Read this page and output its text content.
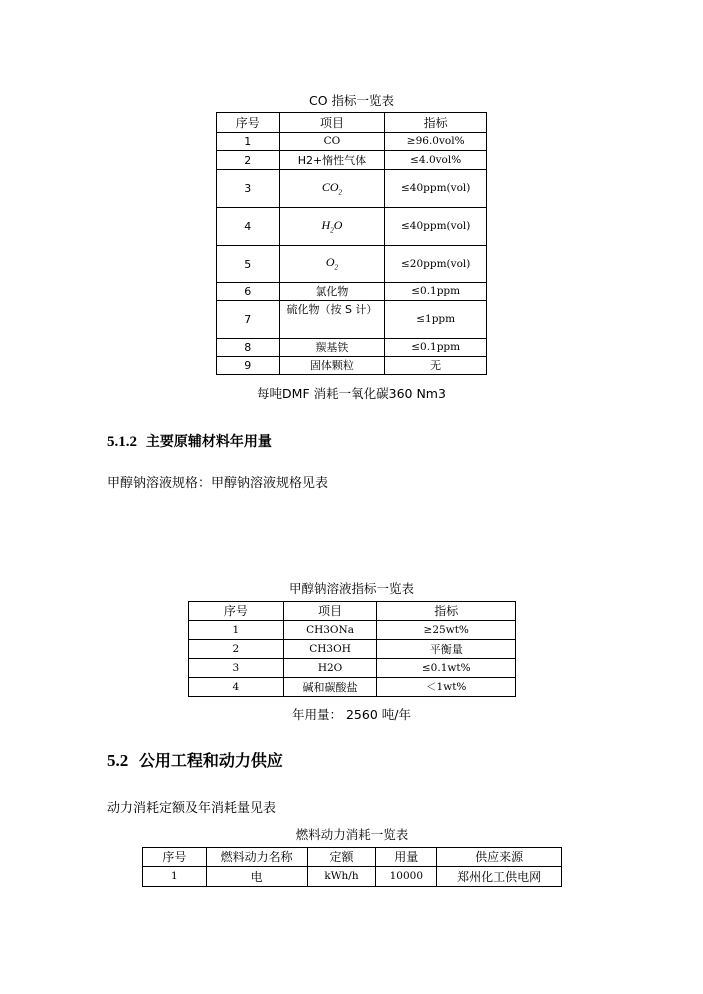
CO 指标一览表
序号	项目	指标
1	CO	≥96.0vol%
2	H2+惰性气体	≤4.0vol%
3	$CO_2$	≤40ppm(vol)
4	$H_2O$	≤40ppm(vol)
5	$O_2$	≤20ppm(vol)
6	氯化物	≤0.1ppm
7	硫化物（按 S 计）	≤1ppm
8	羰基铁	≤0.1ppm
9	固体颗粒	无
每吨DMF 消耗一氧化碳360 Nm3
5.1.2 主要原辅材料年用量
甲醇钠溶液规格：甲醇钠溶液规格见表
甲醇钠溶液指标一览表
序号	项目	指标
1	CH3ONa	≥25wt%
2	CH3OH	平衡量
3	H2O	≤0.1wt%
4	碱和碳酸盐	＜1wt%
年用量： 2560 吨/年
5.2 公用工程和动力供应
动力消耗定额及年消耗量见表
燃料动力消耗一览表
序号	燃料动力名称	定额	用量	供应来源
1	电	kWh/h	10000	郑州化工供电网
